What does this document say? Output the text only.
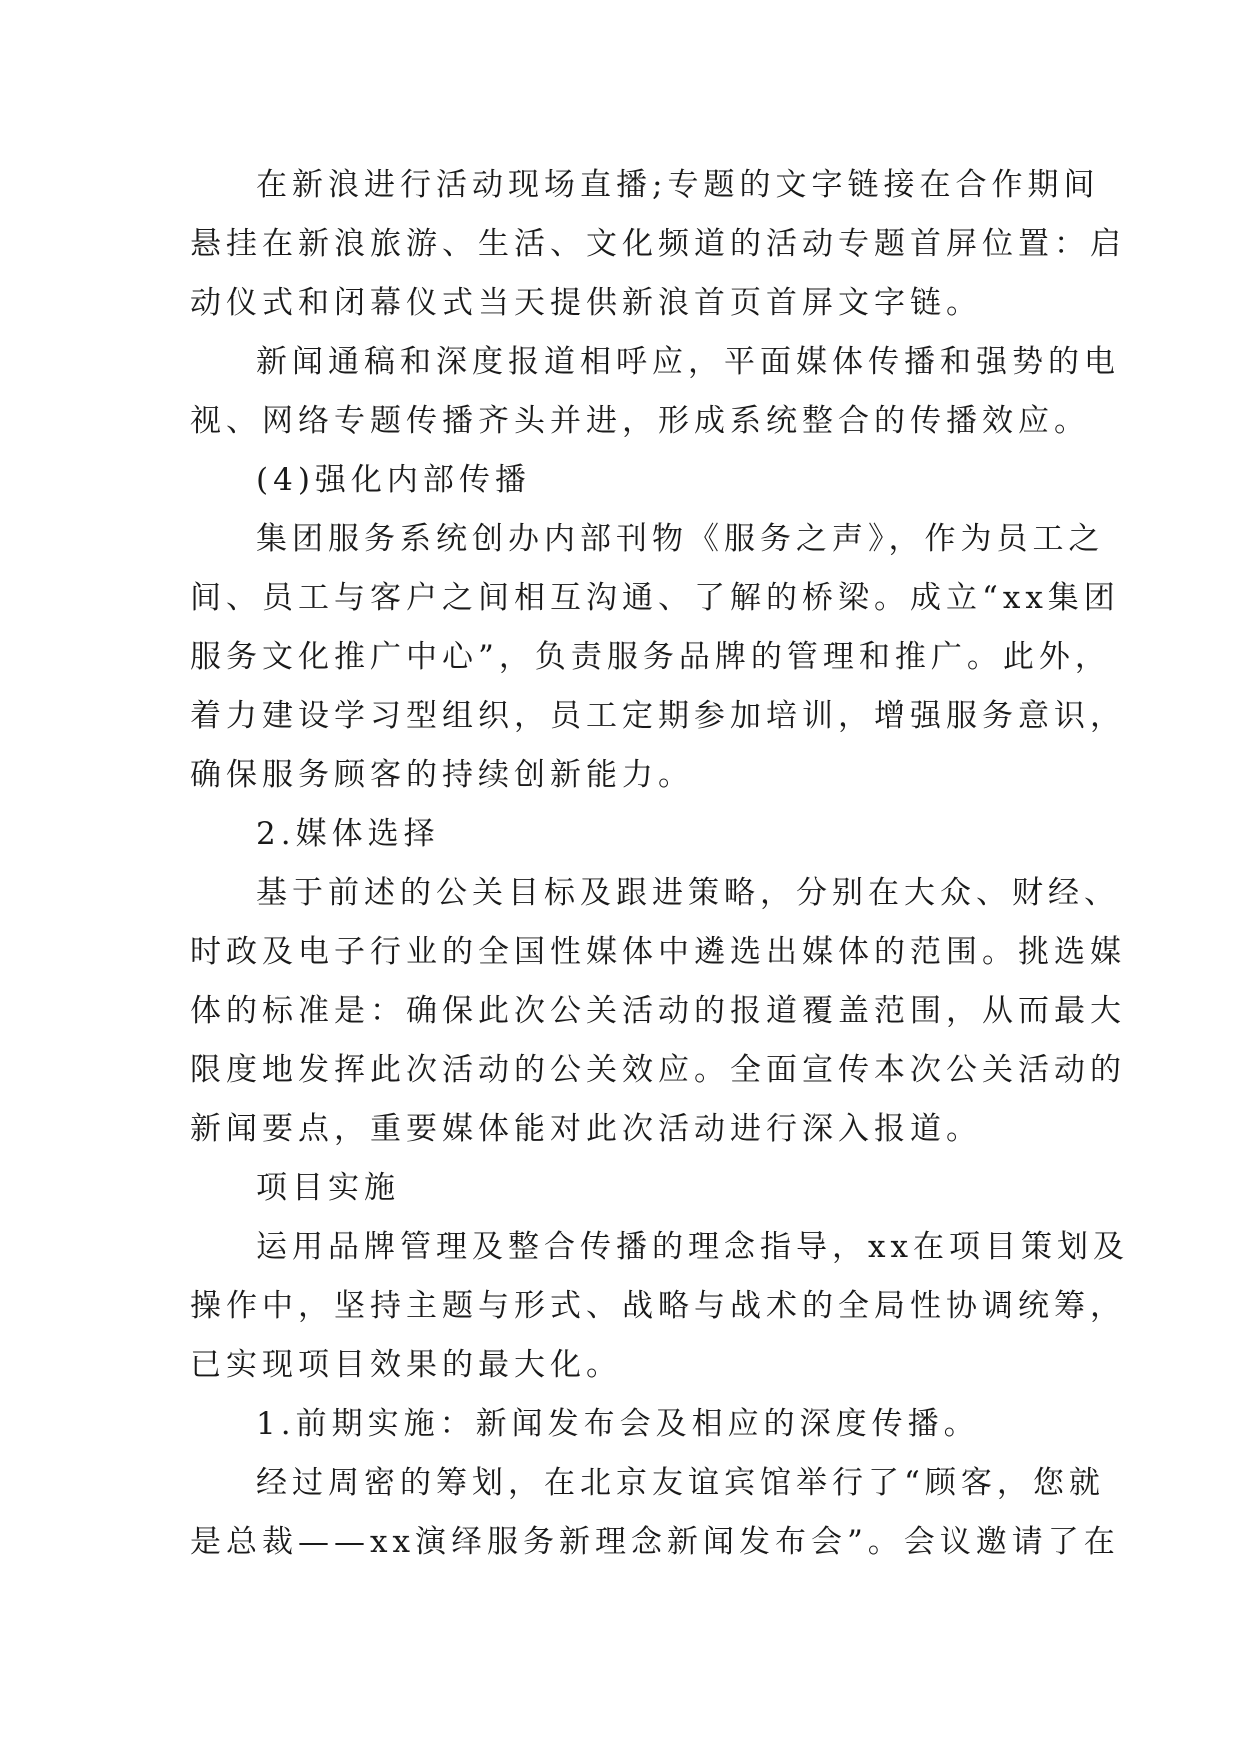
在新浪进行活动现场直播;专题的文字链接在合作期间

悬挂在新浪旅游、生活、文化频道的活动专题首屏位置：启

动仪式和闭幕仪式当天提供新浪首页首屏文字链。

新闻通稿和深度报道相呼应，平面媒体传播和强势的电

视、网络专题传播齐头并进，形成系统整合的传播效应。

(4)强化内部传播

集团服务系统创办内部刊物《服务之声》，作为员工之

间、员工与客户之间相互沟通、了解的桥梁。成立“xx集团

服务文化推广中心”，负责服务品牌的管理和推广。此外，

着力建设学习型组织，员工定期参加培训，增强服务意识，

确保服务顾客的持续创新能力。

2.媒体选择

基于前述的公关目标及跟进策略，分别在大众、财经、

时政及电子行业的全国性媒体中遴选出媒体的范围。挑选媒

体的标准是：确保此次公关活动的报道覆盖范围，从而最大

限度地发挥此次活动的公关效应。全面宣传本次公关活动的

新闻要点，重要媒体能对此次活动进行深入报道。

项目实施

运用品牌管理及整合传播的理念指导，xx在项目策划及

操作中，坚持主题与形式、战略与战术的全局性协调统筹，

已实现项目效果的最大化。

1.前期实施：新闻发布会及相应的深度传播。

经过周密的筹划，在北京友谊宾馆举行了“顾客，您就

是总裁——xx演绎服务新理念新闻发布会”。会议邀请了在
